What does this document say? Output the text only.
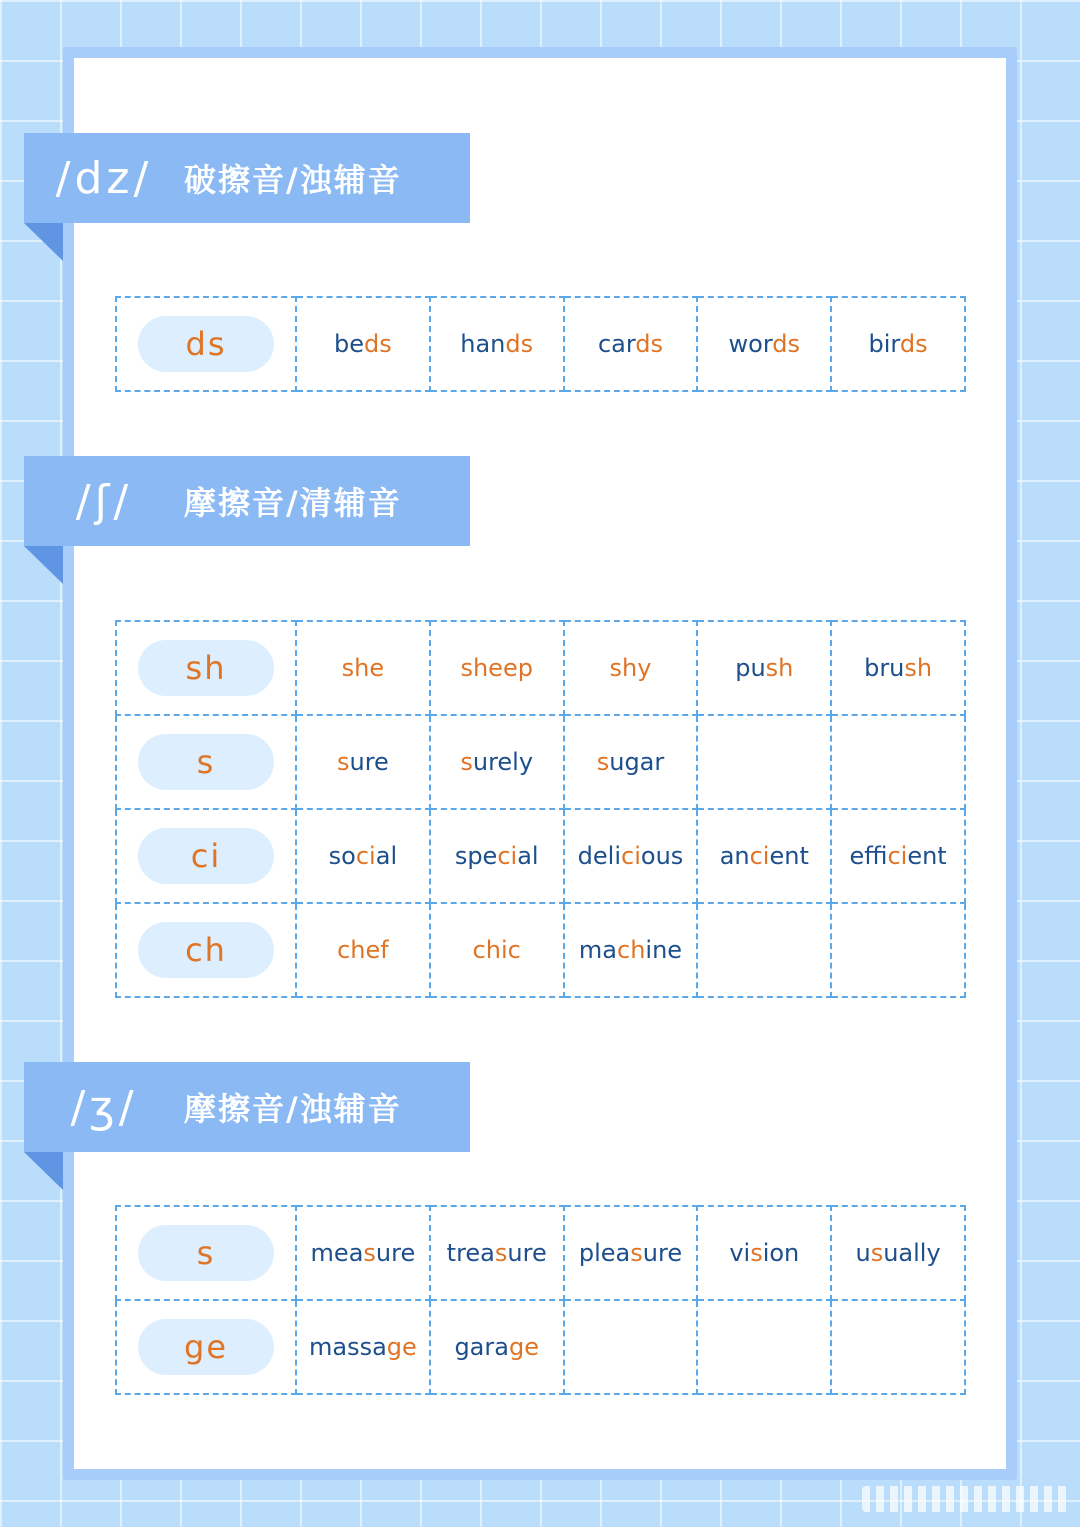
/dz/ 破擦音/浊辅音
ds	beds	hands	cards	words	birds
/ʃ/	摩擦音/清辅音
sh	she	sheep	shy	push	brush
s	sure	surely	sugar		
ci	social	special	delicious	ancient	efficient
ch	chef	chic	machine		
/ʒ/	摩擦音/浊辅音
s	measure	treasure	pleasure	vision	usually
ge	massage	garage			
